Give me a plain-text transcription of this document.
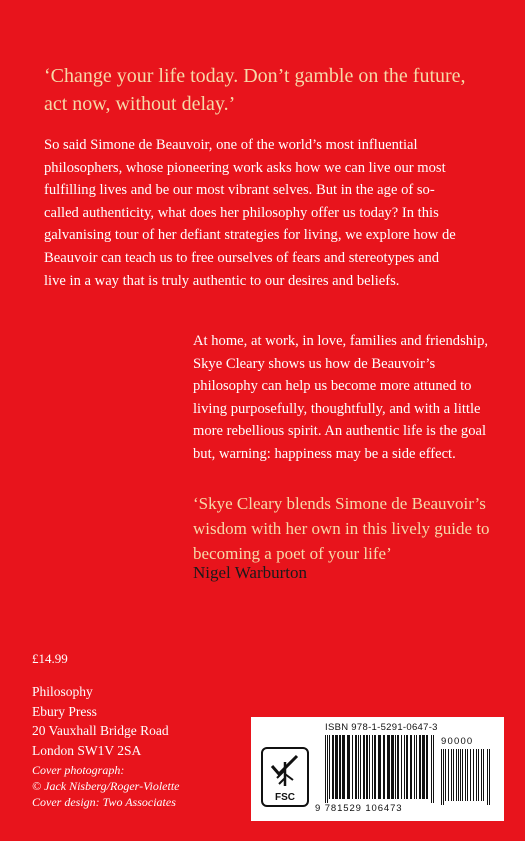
‘Change your life today. Don’t gamble on the future, act now, without delay.’

So said Simone de Beauvoir, one of the world’s most influential philosophers, whose pioneering work asks how we can live our most fulfilling lives and be our most vibrant selves. But in the age of so-called authenticity, what does her philosophy offer us today? In this galvanising tour of her defiant strategies for living, we explore how de Beauvoir can teach us to free ourselves of fears and stereotypes and live in a way that is truly authentic to our desires and beliefs.

At home, at work, in love, families and friendship, Skye Cleary shows us how de Beauvoir’s philosophy can help us become more attuned to living purposefully, thoughtfully, and with a little more rebellious spirit. An authentic life is the goal but, warning: happiness may be a side effect.

‘Skye Cleary blends Simone de Beauvoir’s wisdom with her own in this lively guide to becoming a poet of your life’

Nigel Warburton
£14.99
Philosophy
Ebury Press
20 Vauxhall Bridge Road
London SW1V 2SA
Cover photograph:
© Jack Nisberg/Roger-Violette
Cover design: Two Associates	FSC
ISBN 978-1-5291-0647-3
9 781529 106473
90000
